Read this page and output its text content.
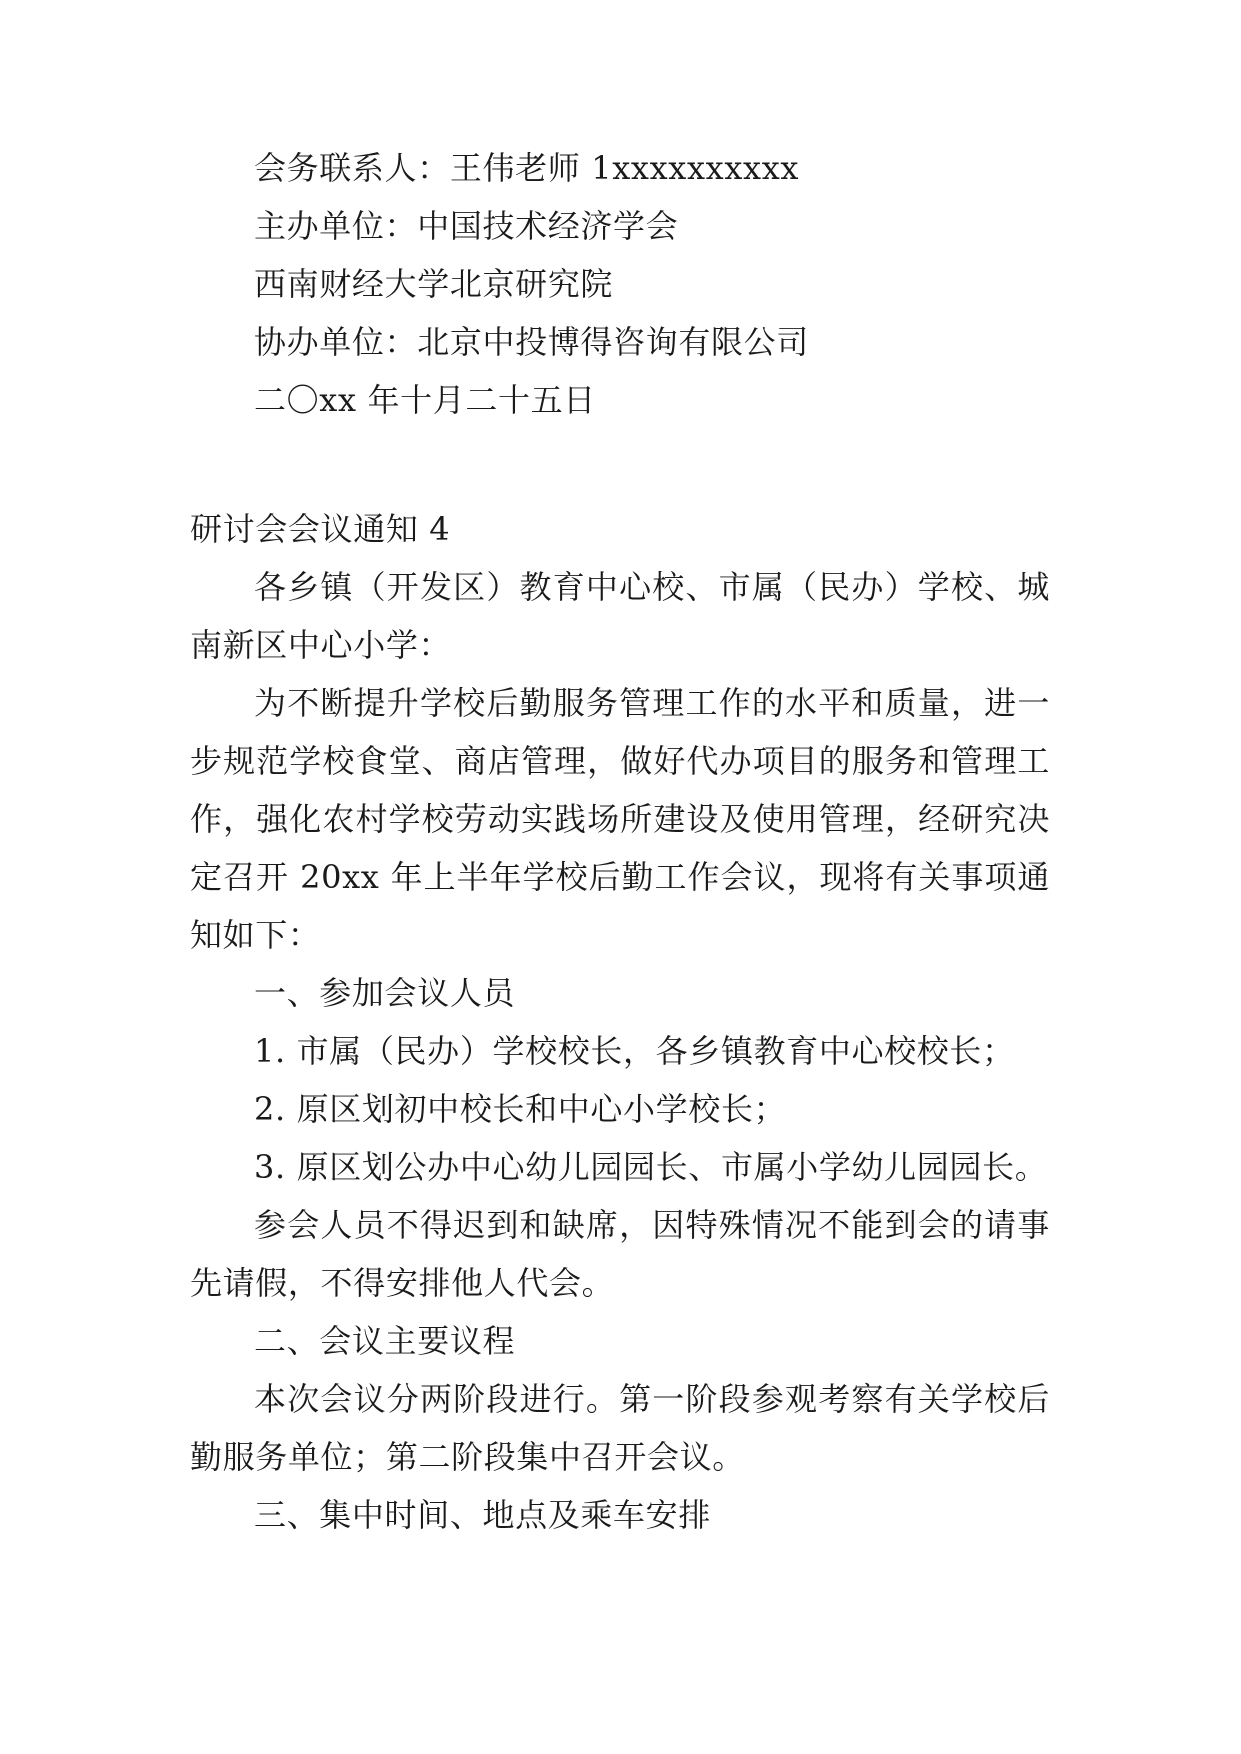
会务联系人：王伟老师 1xxxxxxxxxx
主办单位：中国技术经济学会
西南财经大学北京研究院
协办单位：北京中投博得咨询有限公司
二〇xx 年十月二十五日
研讨会会议通知 4
各乡镇（开发区）教育中心校、市属（民办）学校、城南新区中心小学：
为不断提升学校后勤服务管理工作的水平和质量，进一步规范学校食堂、商店管理，做好代办项目的服务和管理工作，强化农村学校劳动实践场所建设及使用管理，经研究决定召开 20xx 年上半年学校后勤工作会议，现将有关事项通知如下：
一、参加会议人员
1. 市属（民办）学校校长，各乡镇教育中心校校长；
2. 原区划初中校长和中心小学校长；
3. 原区划公办中心幼儿园园长、市属小学幼儿园园长。
参会人员不得迟到和缺席，因特殊情况不能到会的请事先请假，不得安排他人代会。
二、会议主要议程
本次会议分两阶段进行。第一阶段参观考察有关学校后勤服务单位；第二阶段集中召开会议。
三、集中时间、地点及乘车安排
